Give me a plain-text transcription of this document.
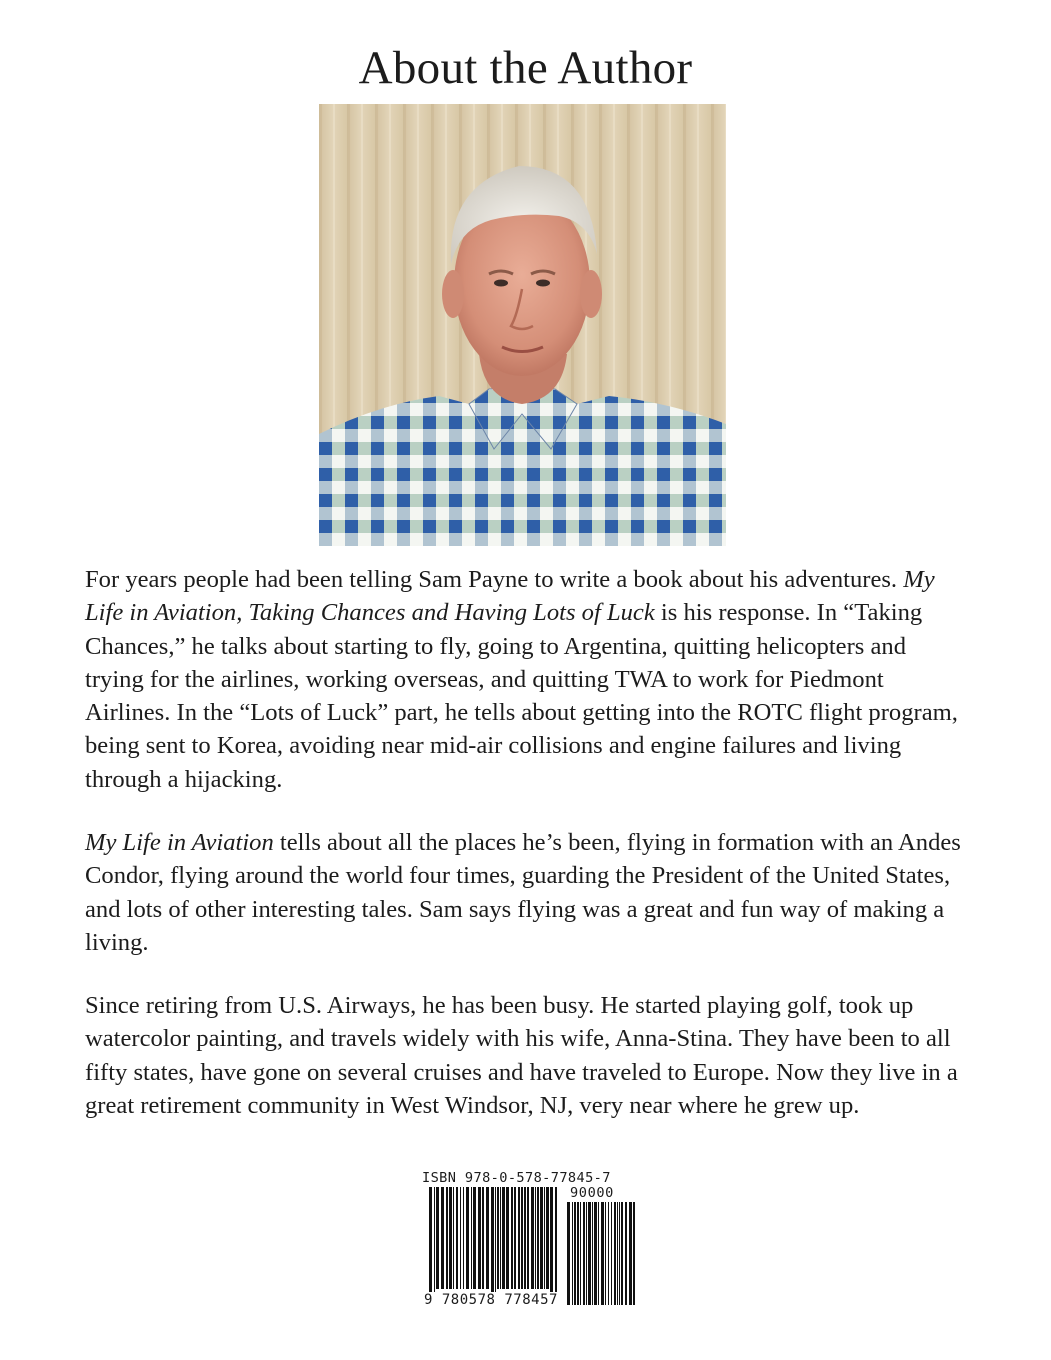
About the Author

For years people had been telling Sam Payne to write a book about his adventures. My Life in Aviation, Taking Chances and Having Lots of Luck is his response. In “Taking Chances,” he talks about starting to fly, going to Argentina, quitting helicopters and trying for the airlines, working overseas, and quitting TWA to work for Piedmont Airlines. In the “Lots of Luck” part, he tells about getting into the ROTC flight program, being sent to Korea, avoiding near mid-air collisions and engine failures and living through a hijacking.

My Life in Aviation tells about all the places he’s been, flying in formation with an Andes Condor, flying around the world four times, guarding the President of the United States, and lots of other interesting tales. Sam says flying was a great and fun way of making a living.

Since retiring from U.S. Airways, he has been busy. He started playing golf, took up watercolor painting, and travels widely with his wife, Anna-Stina. They have been to all fifty states, have gone on several cruises and have traveled to Europe. Now they live in a great retirement community in West Windsor, NJ, very near where he grew up.

ISBN 978-0-578-77845-7
90000
9 780578 778457
